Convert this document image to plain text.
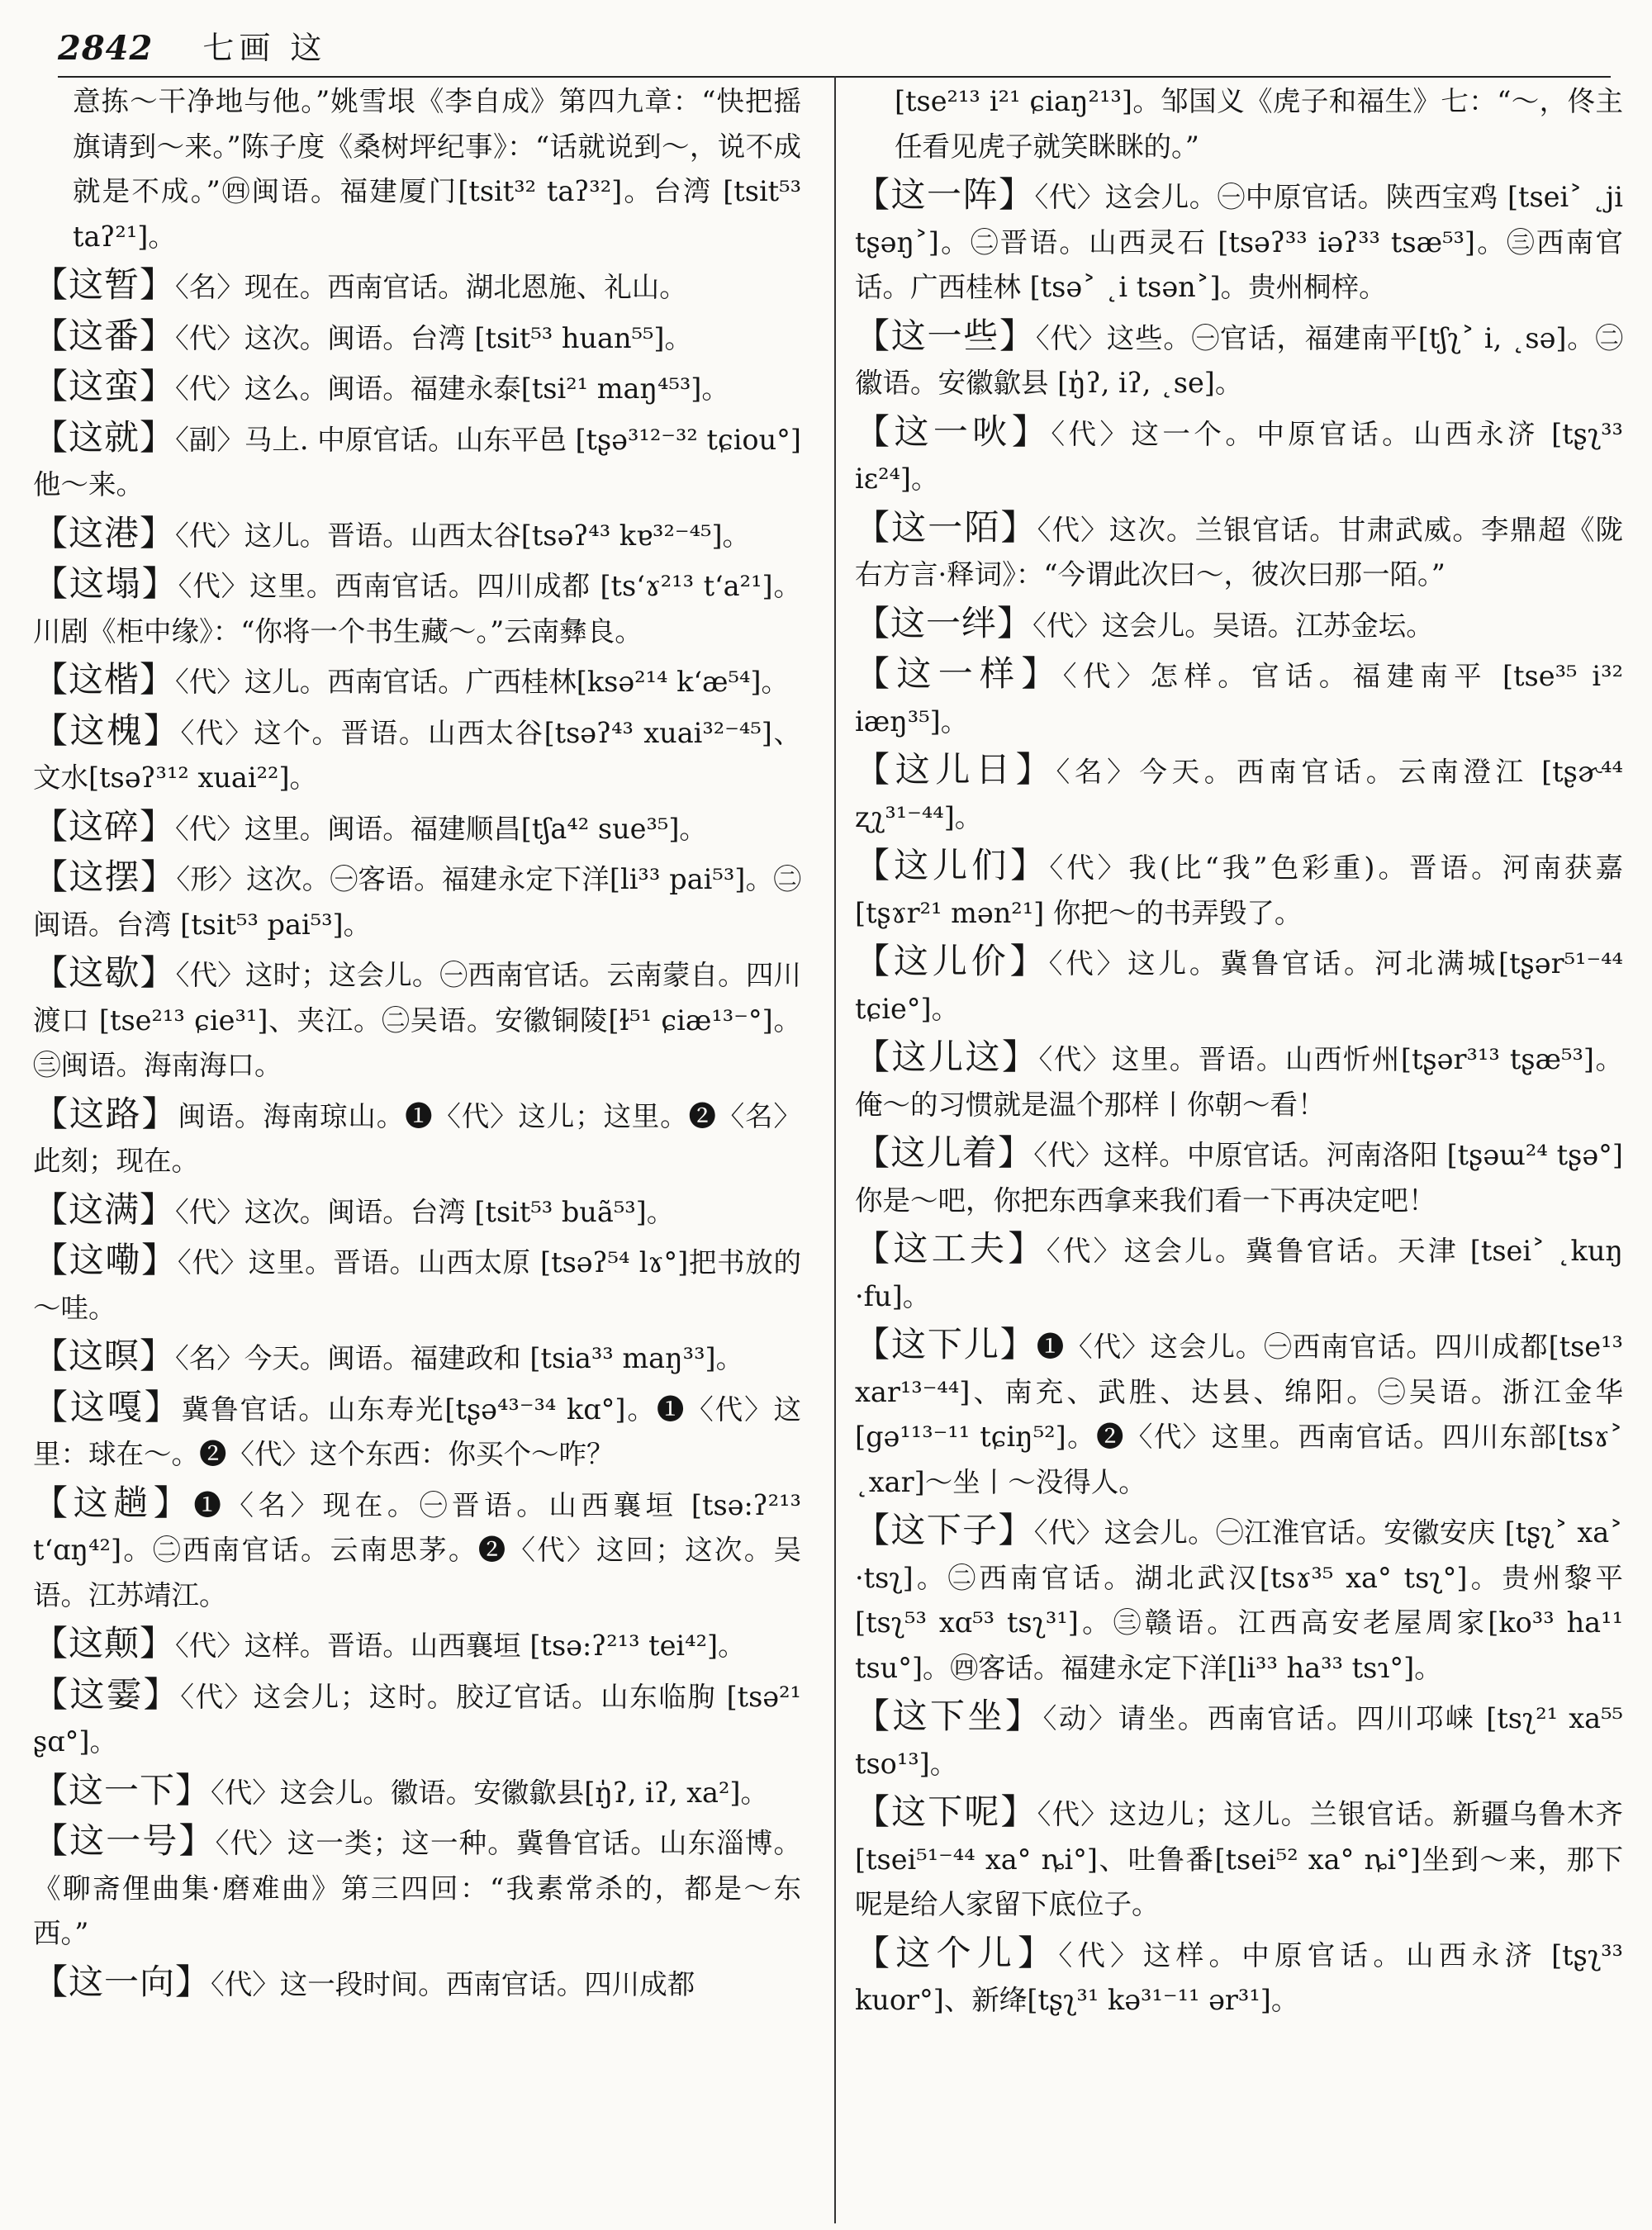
2842 七画 这

意拣～干净地与他。”姚雪垠《李自成》第四九章：“快把摇旗请到～来。”陈子度《桑树坪纪事》：“话就说到～，说不成就是不成。”㊃闽语。福建厦门[tsit³² taʔ³²]。台湾 [tsit⁵³ taʔ²¹]。

【这暂】〈名〉现在。西南官话。湖北恩施、礼山。

【这番】〈代〉这次。闽语。台湾 [tsit⁵³ huan⁵⁵]。

【这蛮】〈代〉这么。闽语。福建永泰[tsi²¹ maŋ⁴⁵³]。

【这就】〈副〉马上. 中原官话。山东平邑 [tʂə³¹²⁻³² tɕiou°]他～来。

【这港】〈代〉这儿。晋语。山西太谷[tsəʔ⁴³ kɐ³²⁻⁴⁵]。

【这塌】〈代〉这里。西南官话。四川成都 [tsʻɤ²¹³ tʻa²¹]。川剧《柜中缘》：“你将一个书生藏～。”云南彝良。

【这楷】〈代〉这儿。西南官话。广西桂林[ksə²¹⁴ kʻæ⁵⁴]。

【这槐】〈代〉这个。晋语。山西太谷[tsəʔ⁴³ xuai³²⁻⁴⁵]、文水[tsəʔ³¹² xuai²²]。

【这碎】〈代〉这里。闽语。福建顺昌[tʃa⁴² sue³⁵]。

【这摆】〈形〉这次。㊀客语。福建永定下洋[li³³ pai⁵³]。㊁闽语。台湾 [tsit⁵³ pai⁵³]。

【这歇】〈代〉这时；这会儿。㊀西南官话。云南蒙自。四川渡口 [tse²¹³ ɕie³¹]、夹江。㊁吴语。安徽铜陵[ɫ⁵¹ ɕiæ¹³⁻°]。㊂闽语。海南海口。

【这路】闽语。海南琼山。❶〈代〉这儿；这里。❷〈名〉此刻；现在。

【这满】〈代〉这次。闽语。台湾 [tsit⁵³ buã⁵³]。

【这嘞】〈代〉这里。晋语。山西太原 [tsəʔ⁵⁴ lɤ°]把书放的～哇。

【这暝】〈名〉今天。闽语。福建政和 [tsia³³ maŋ³³]。

【这嘎】冀鲁官话。山东寿光[tʂə⁴³⁻³⁴ kɑ°]。❶〈代〉这里：球在～。❷〈代〉这个东西：你买个～咋？

【这趟】❶〈名〉现在。㊀晋语。山西襄垣 [tsə:ʔ²¹³ tʻɑŋ⁴²]。㊁西南官话。云南思茅。❷〈代〉这回；这次。吴语。江苏靖江。

【这颠】〈代〉这样。晋语。山西襄垣 [tsə:ʔ²¹³ tei⁴²]。

【这霎】〈代〉这会儿；这时。胶辽官话。山东临朐 [tsə²¹ ʂɑ°]。

【这一下】〈代〉这会儿。徽语。安徽歙县[ŋ̍ʔ, iʔ, xa²]。

【这一号】〈代〉这一类；这一种。冀鲁官话。山东淄博。《聊斋俚曲集·磨难曲》第三四回：“我素常杀的，都是～东西。”

【这一向】〈代〉这一段时间。西南官话。四川成都

[tse²¹³ i²¹ ɕiaŋ²¹³]。邹国义《虎子和福生》七：“～，佟主任看见虎子就笑眯眯的。”

【这一阵】〈代〉这会儿。㊀中原官话。陕西宝鸡 [tsei˃ ˛ji tʂəŋ˃]。㊁晋语。山西灵石 [tsəʔ³³ iəʔ³³ tsæ⁵³]。㊂西南官话。广西桂林 [tsə˃ ˛i tsən˃]。贵州桐梓。

【这一些】〈代〉这些。㊀官话，福建南平[tʃʅ˃ i, ˛sə]。㊁徽语。安徽歙县 [ŋ̍ʔ, iʔ, ˛se]。

【这一吙】〈代〉这一个。中原官话。山西永济 [tʂʅ³³ iɛ²⁴]。

【这一陌】〈代〉这次。兰银官话。甘肃武威。李鼎超《陇右方言·释词》：“今谓此次曰～，彼次曰那一陌。”

【这一绊】〈代〉这会儿。吴语。江苏金坛。

【这一样】〈代〉怎样。官话。福建南平 [tse³⁵ i³² iæŋ³⁵]。

【这儿日】〈名〉今天。西南官话。云南澄江 [tʂɚ⁴⁴ ʐʅ³¹⁻⁴⁴]。

【这儿们】〈代〉我(比“我”色彩重)。晋语。河南获嘉 [tʂɤr²¹ mən²¹] 你把～的书弄毁了。

【这儿价】〈代〉这儿。冀鲁官话。河北满城[tʂər⁵¹⁻⁴⁴ tɕie°]。

【这儿这】〈代〉这里。晋语。山西忻州[tʂər³¹³ tʂæ⁵³]。俺～的习惯就是温个那样丨你朝～看！

【这儿着】〈代〉这样。中原官话。河南洛阳 [tʂəɯ²⁴ tʂə°]你是～吧，你把东西拿来我们看一下再决定吧！

【这工夫】〈代〉这会儿。冀鲁官话。天津 [tsei˃ ˛kuŋ ·fu]。

【这下儿】❶〈代〉这会儿。㊀西南官话。四川成都[tse¹³ xar¹³⁻⁴⁴]、南充、武胜、达县、绵阳。㊁吴语。浙江金华[gə¹¹³⁻¹¹ tɕiŋ⁵²]。❷〈代〉这里。西南官话。四川东部[tsɤ˃ ˛xar]～坐丨～没得人。

【这下子】〈代〉这会儿。㊀江淮官话。安徽安庆 [tʂʅ˃ xa˃ ·tsʅ]。㊁西南官话。湖北武汉[tsɤ³⁵ xa° tsʅ°]。贵州黎平[tsʅ⁵³ xɑ⁵³ tsʅ³¹]。㊂赣语。江西高安老屋周家[ko³³ ha¹¹ tsu°]。㊃客话。福建永定下洋[li³³ ha³³ tsɿ°]。

【这下坐】〈动〉请坐。西南官话。四川邛崃 [tsʅ²¹ xa⁵⁵ tso¹³]。

【这下呢】〈代〉这边儿；这儿。兰银官话。新疆乌鲁木齐[tsei⁵¹⁻⁴⁴ xa° ȵi°]、吐鲁番[tsei⁵² xa° ȵi°]坐到～来，那下呢是给人家留下底位子。

【这个儿】〈代〉这样。中原官话。山西永济 [tʂʅ³³ kuor°]、新绛[tʂʅ³¹ kə³¹⁻¹¹ ər³¹]。
